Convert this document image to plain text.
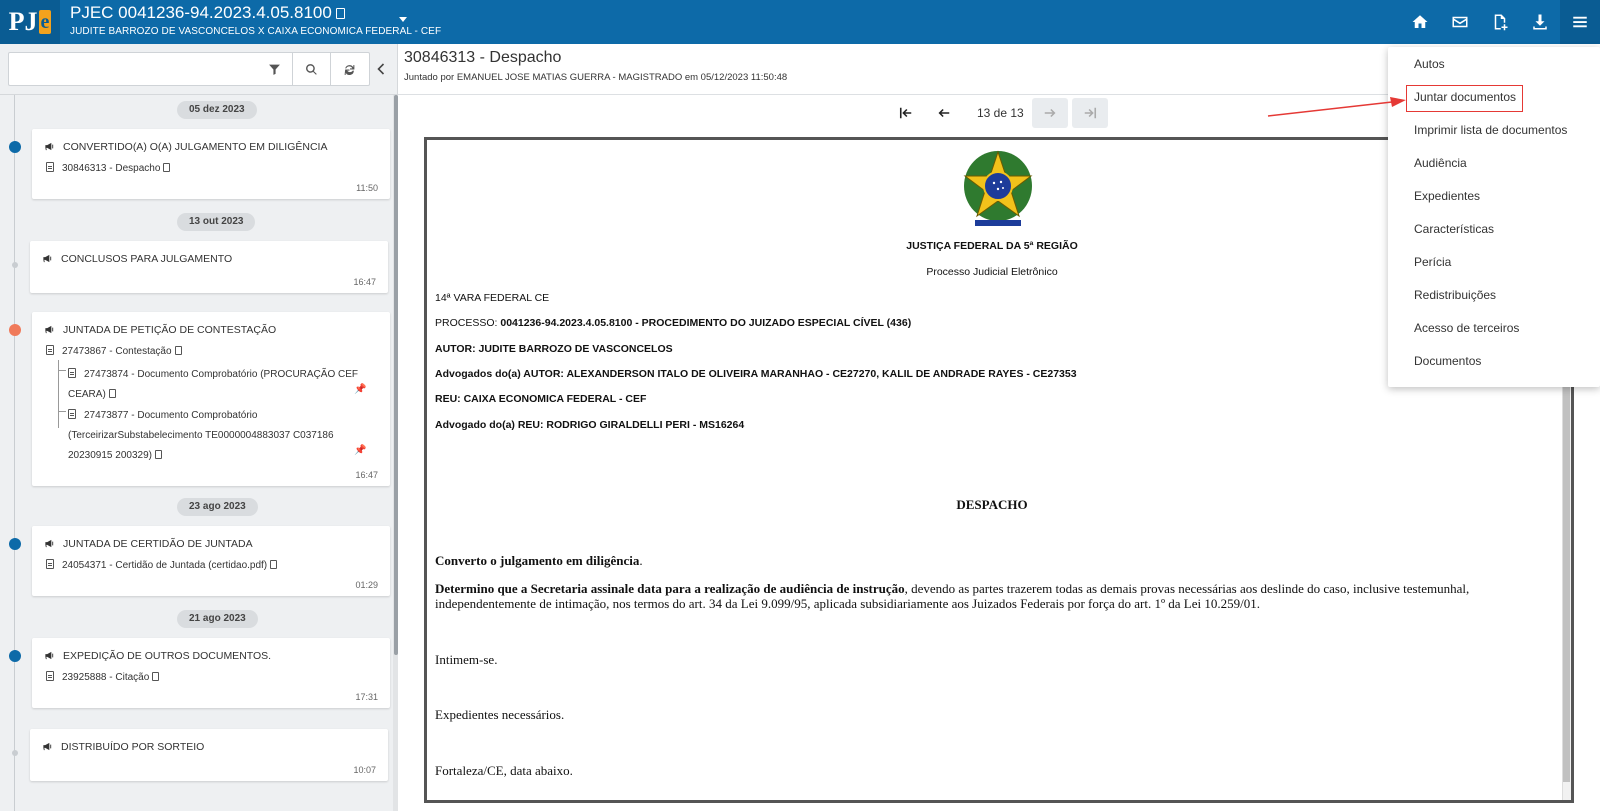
PJ e PJEC 0041236-94.2023.4.05.8100
JUDITE BARROZO DE VASCONCELOS X CAIXA ECONOMICA FEDERAL - CEF
05 dez 2023
CONVERTIDO(A) O(A) JULGAMENTO EM DILIGÊNCIA
30846313 - Despacho
11:50
13 out 2023
CONCLUSOS PARA JULGAMENTO
16:47
JUNTADA DE PETIÇÃO DE CONTESTAÇÃO
27473867 - Contestação
27473874 - Documento Comprobatório (PROCURAÇÃO CEF
CEARA)	📌
27473877 - Documento Comprobatório
(TerceirizarSubstabelecimento TE0000004883037 C037186
20230915 200329)	📌
16:47
23 ago 2023
JUNTADA DE CERTIDÃO DE JUNTADA
24054371 - Certidão de Juntada (certidao.pdf)
01:29
21 ago 2023
EXPEDIÇÃO DE OUTROS DOCUMENTOS.
23925888 - Citação
17:31
DISTRIBUÍDO POR SORTEIO
10:07
30846313 - Despacho
Juntado por EMANUEL JOSE MATIAS GUERRA - MAGISTRADO em 05/12/2023 11:50:48
13 de 13
JUSTIÇA FEDERAL DA 5ª REGIÃO
Processo Judicial Eletrônico
14ª VARA FEDERAL CE
PROCESSO: 0041236-94.2023.4.05.8100 - PROCEDIMENTO DO JUIZADO ESPECIAL CÍVEL (436)
AUTOR: JUDITE BARROZO DE VASCONCELOS
Advogados do(a) AUTOR: ALEXANDERSON ITALO DE OLIVEIRA MARANHAO - CE27270, KALIL DE ANDRADE RAYES - CE27353
REU: CAIXA ECONOMICA FEDERAL - CEF
Advogado do(a) REU: RODRIGO GIRALDELLI PERI - MS16264
DESPACHO
Converto o julgamento em diligência.
Determino que a Secretaria assinale data para a realização de audiência de instrução, devendo as partes trazerem todas as demais provas necessárias aos deslinde do caso, inclusive testemunhal, independentemente de intimação, nos termos do art. 34 da Lei 9.099/95, aplicada subsidiariamente aos Juizados Federais por força do art. 1º da Lei 10.259/01.
Intimem-se.
Expedientes necessários.
Fortaleza/CE, data abaixo.
Autos
Juntar documentos
Imprimir lista de documentos
Audiência
Expedientes
Características
Perícia
Redistribuições
Acesso de terceiros
Documentos
